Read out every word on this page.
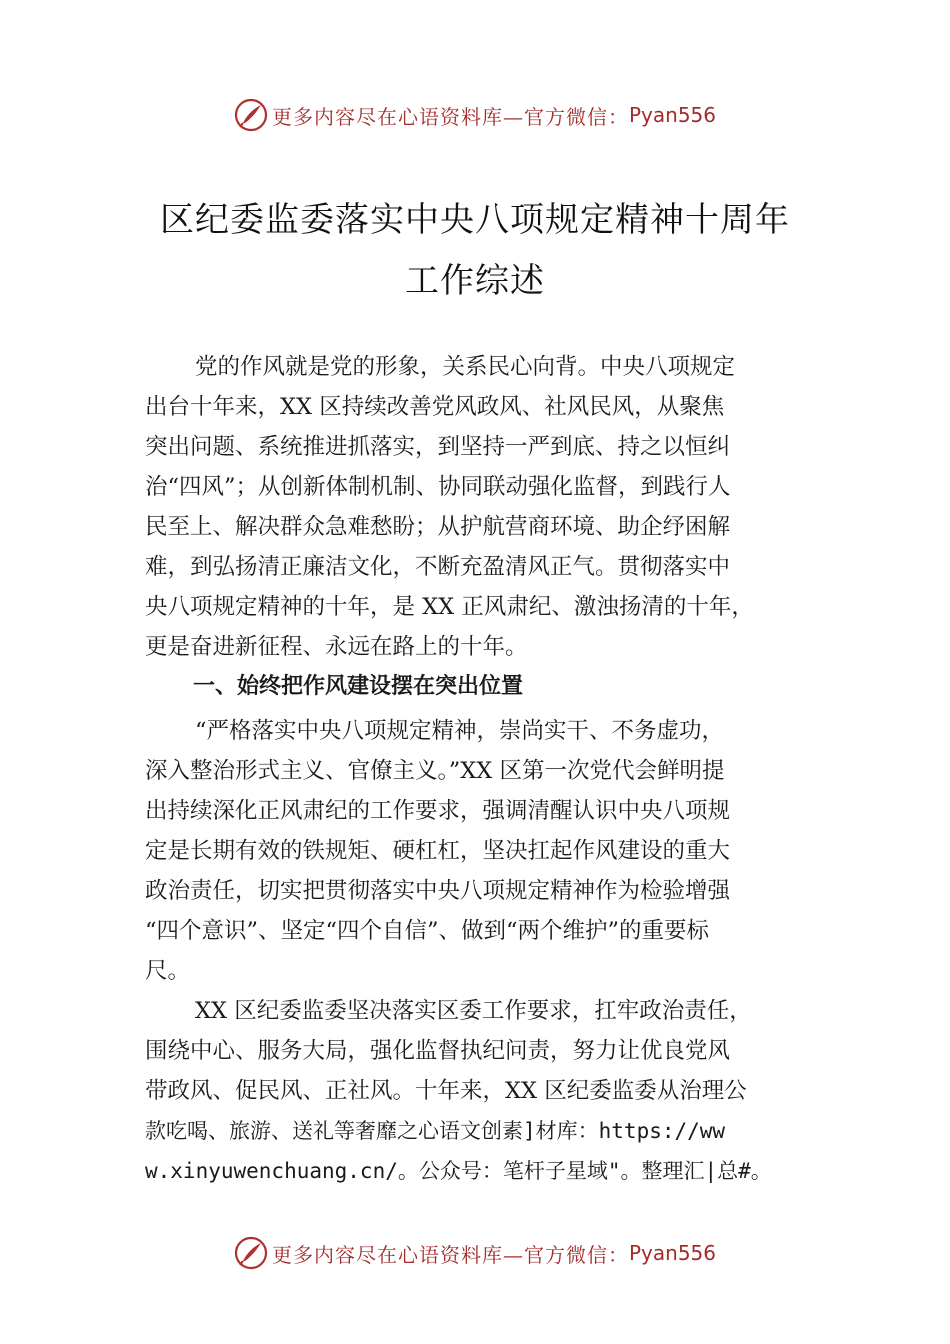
更多内容尽在心语资料库—官方微信： Pyan556
区纪委监委落实中央八项规定精神十周年
工作综述
党的作风就是党的形象，关系民心向背。中央八项规定
出台十年来，XX 区持续改善党风政风、社风民风，从聚焦
突出问题、系统推进抓落实，到坚持一严到底、持之以恒纠
治“四风”；从创新体制机制、协同联动强化监督，到践行人
民至上、解决群众急难愁盼；从护航营商环境、助企纾困解
难，到弘扬清正廉洁文化，不断充盈清风正气。贯彻落实中
央八项规定精神的十年，是 XX 正风肃纪、激浊扬清的十年，
更是奋进新征程、永远在路上的十年。
一、始终把作风建设摆在突出位置
“严格落实中央八项规定精神，崇尚实干、不务虚功，
深入整治形式主义、官僚主义。”XX 区第一次党代会鲜明提
出持续深化正风肃纪的工作要求，强调清醒认识中央八项规
定是长期有效的铁规矩、硬杠杠，坚决扛起作风建设的重大
政治责任，切实把贯彻落实中央八项规定精神作为检验增强
“四个意识”、坚定“四个自信”、做到“两个维护”的重要标
尺。
XX 区纪委监委坚决落实区委工作要求，扛牢政治责任，
围绕中心、服务大局，强化监督执纪问责，努力让优良党风
带政风、促民风、正社风。十年来，XX 区纪委监委从治理公
款吃喝、旅游、送礼等奢靡之心语文创素]材库：https://ww
w.xinyuwenchuang.cn/。公众号：笔杆子星域"。整理汇|总#。
更多内容尽在心语资料库—官方微信： Pyan556
